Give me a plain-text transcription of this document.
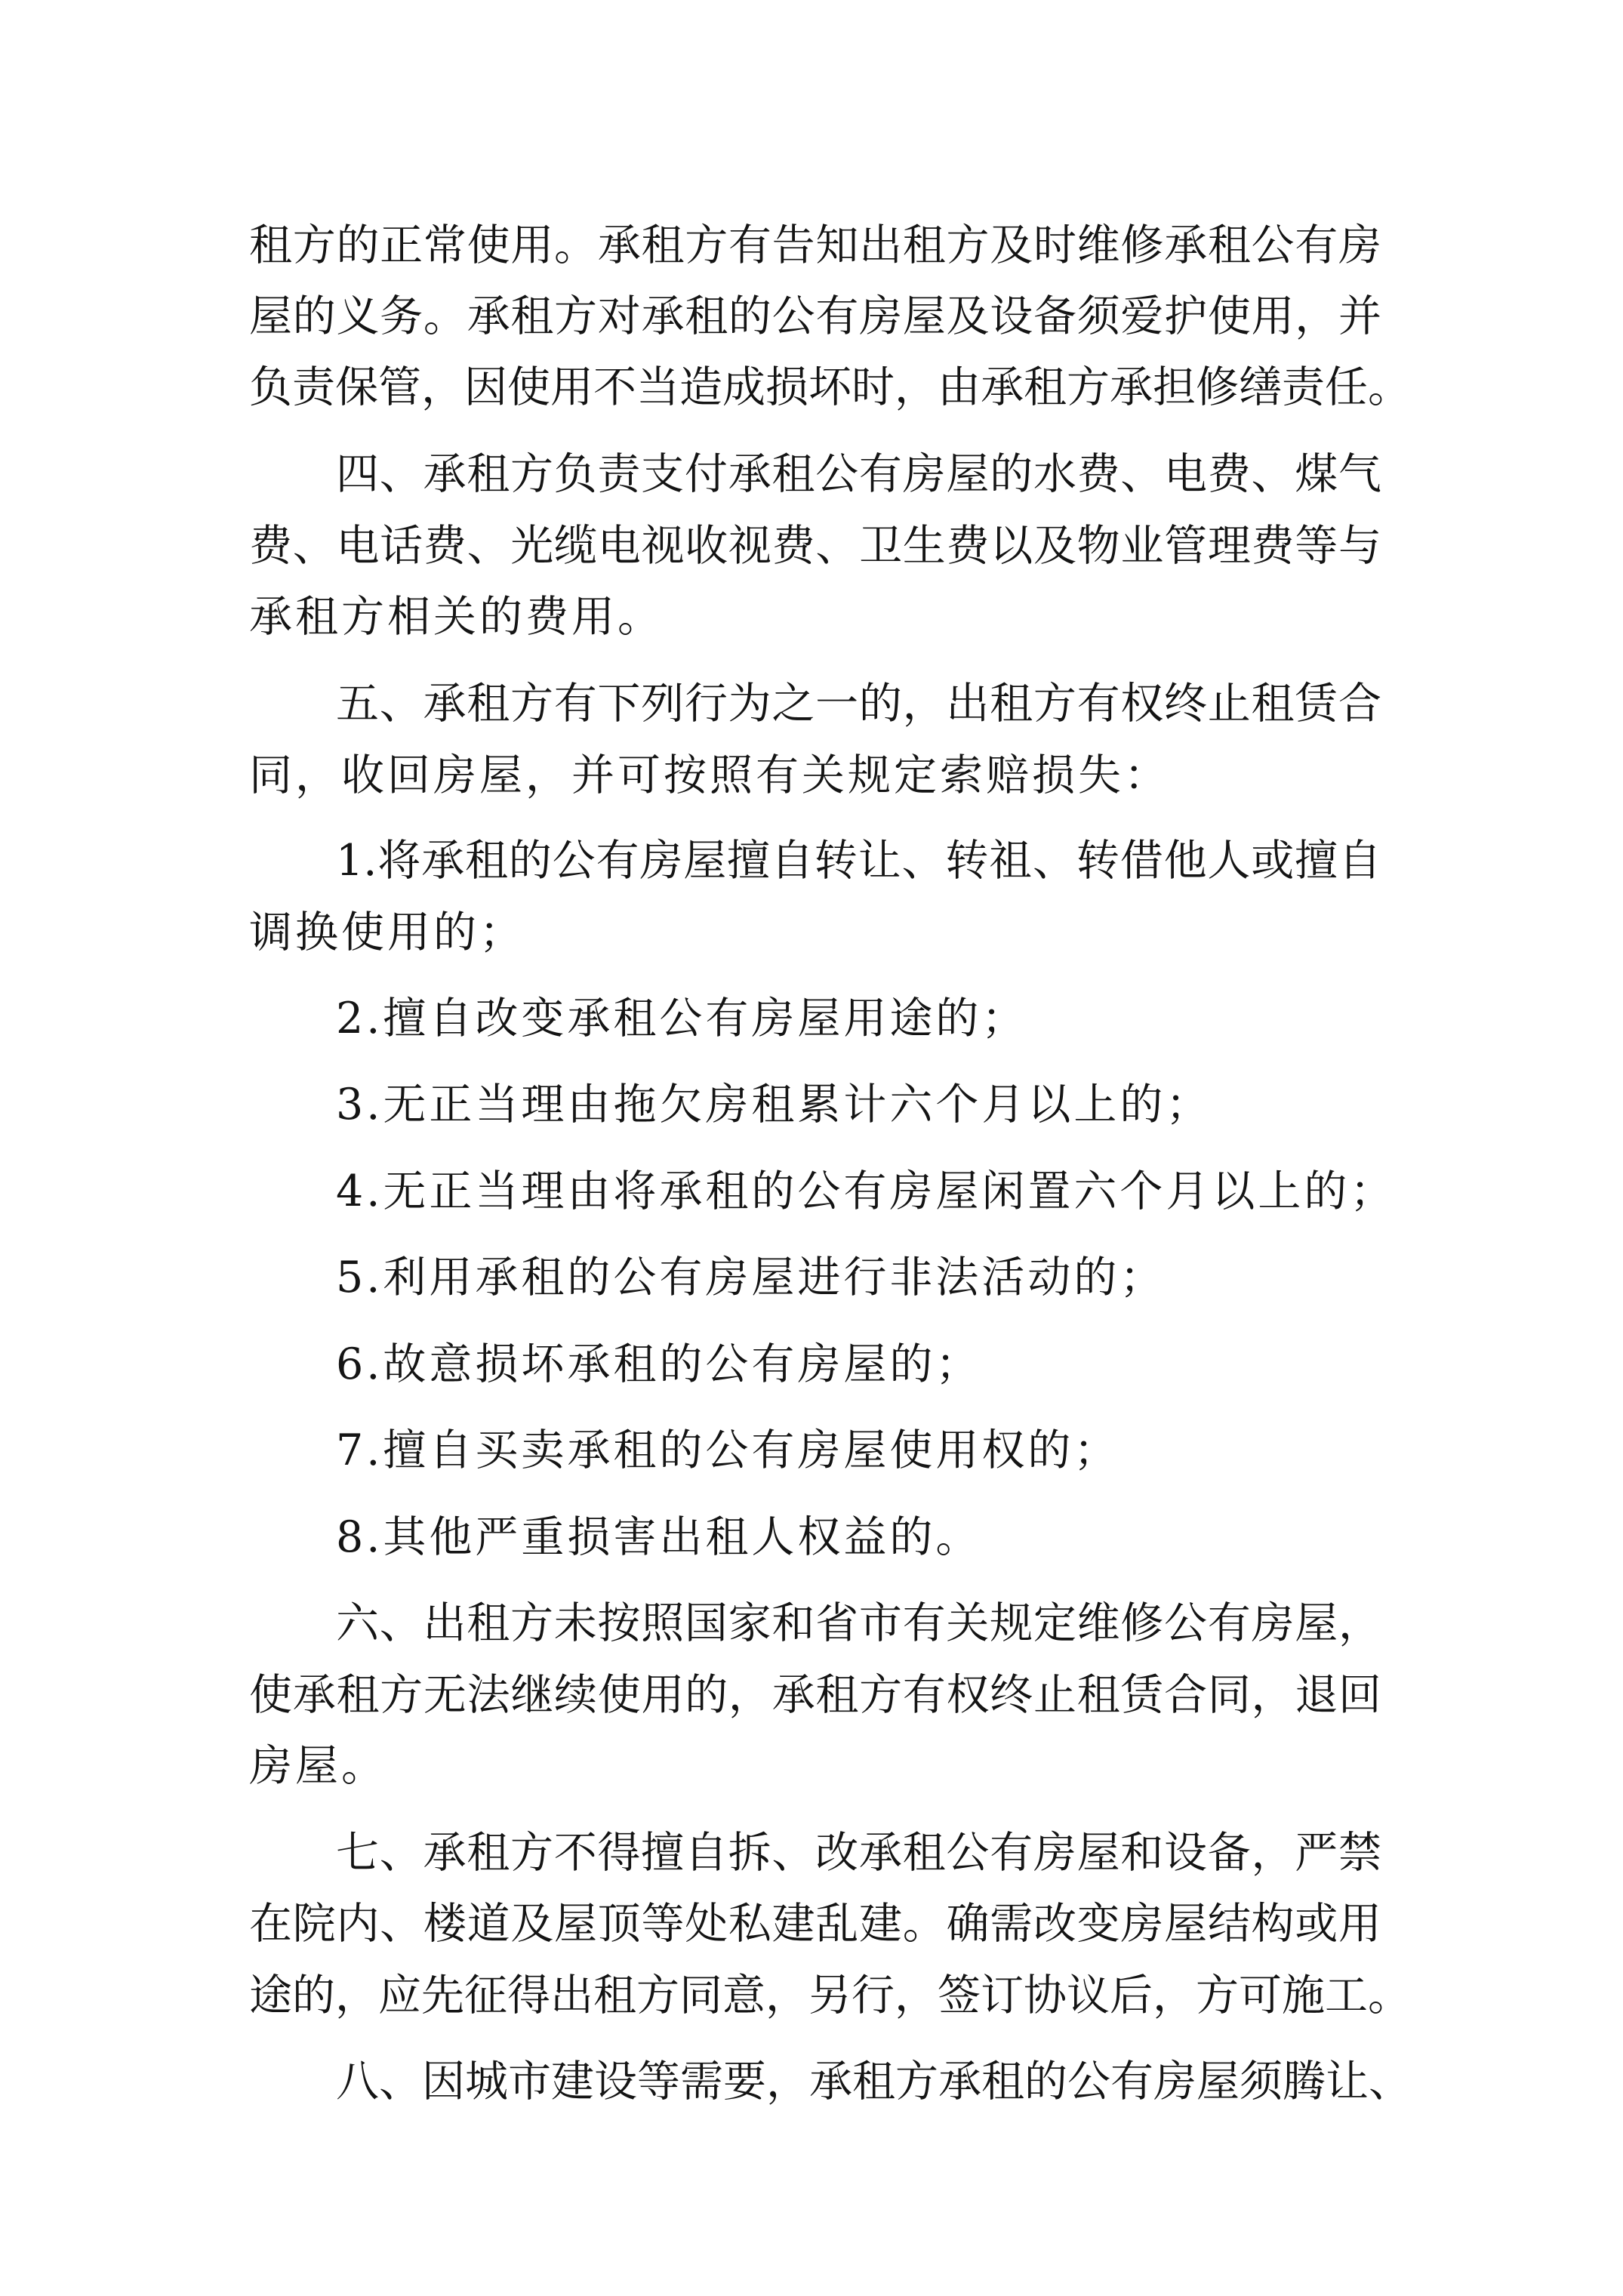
租方的正常使用。承租方有告知出租方及时维修承租公有房

屋的义务。承租方对承租的公有房屋及设备须爱护使用，并

负责保管，因使用不当造成损坏时，由承租方承担修缮责任。

四、承租方负责支付承租公有房屋的水费、电费、煤气

费、电话费、光缆电视收视费、卫生费以及物业管理费等与

承租方相关的费用。

五、承租方有下列行为之一的，出租方有权终止租赁合

同，收回房屋，并可按照有关规定索赔损失：

1.将承租的公有房屋擅自转让、转祖、转借他人或擅自

调换使用的；

2.擅自改变承租公有房屋用途的；

3.无正当理由拖欠房租累计六个月以上的；

4.无正当理由将承租的公有房屋闲置六个月以上的；

5.利用承租的公有房屋进行非法活动的；

6.故意损坏承租的公有房屋的；

7.擅自买卖承租的公有房屋使用权的；

8.其他严重损害出租人权益的。

六、出租方未按照国家和省市有关规定维修公有房屋，

使承租方无法继续使用的，承租方有权终止租赁合同，退回

房屋。

七、承租方不得擅自拆、改承租公有房屋和设备，严禁

在院内、楼道及屋顶等处私建乱建。确需改变房屋结构或用

途的，应先征得出租方同意，另行，签订协议后，方可施工。

八、因城市建设等需要，承租方承租的公有房屋须腾让、
